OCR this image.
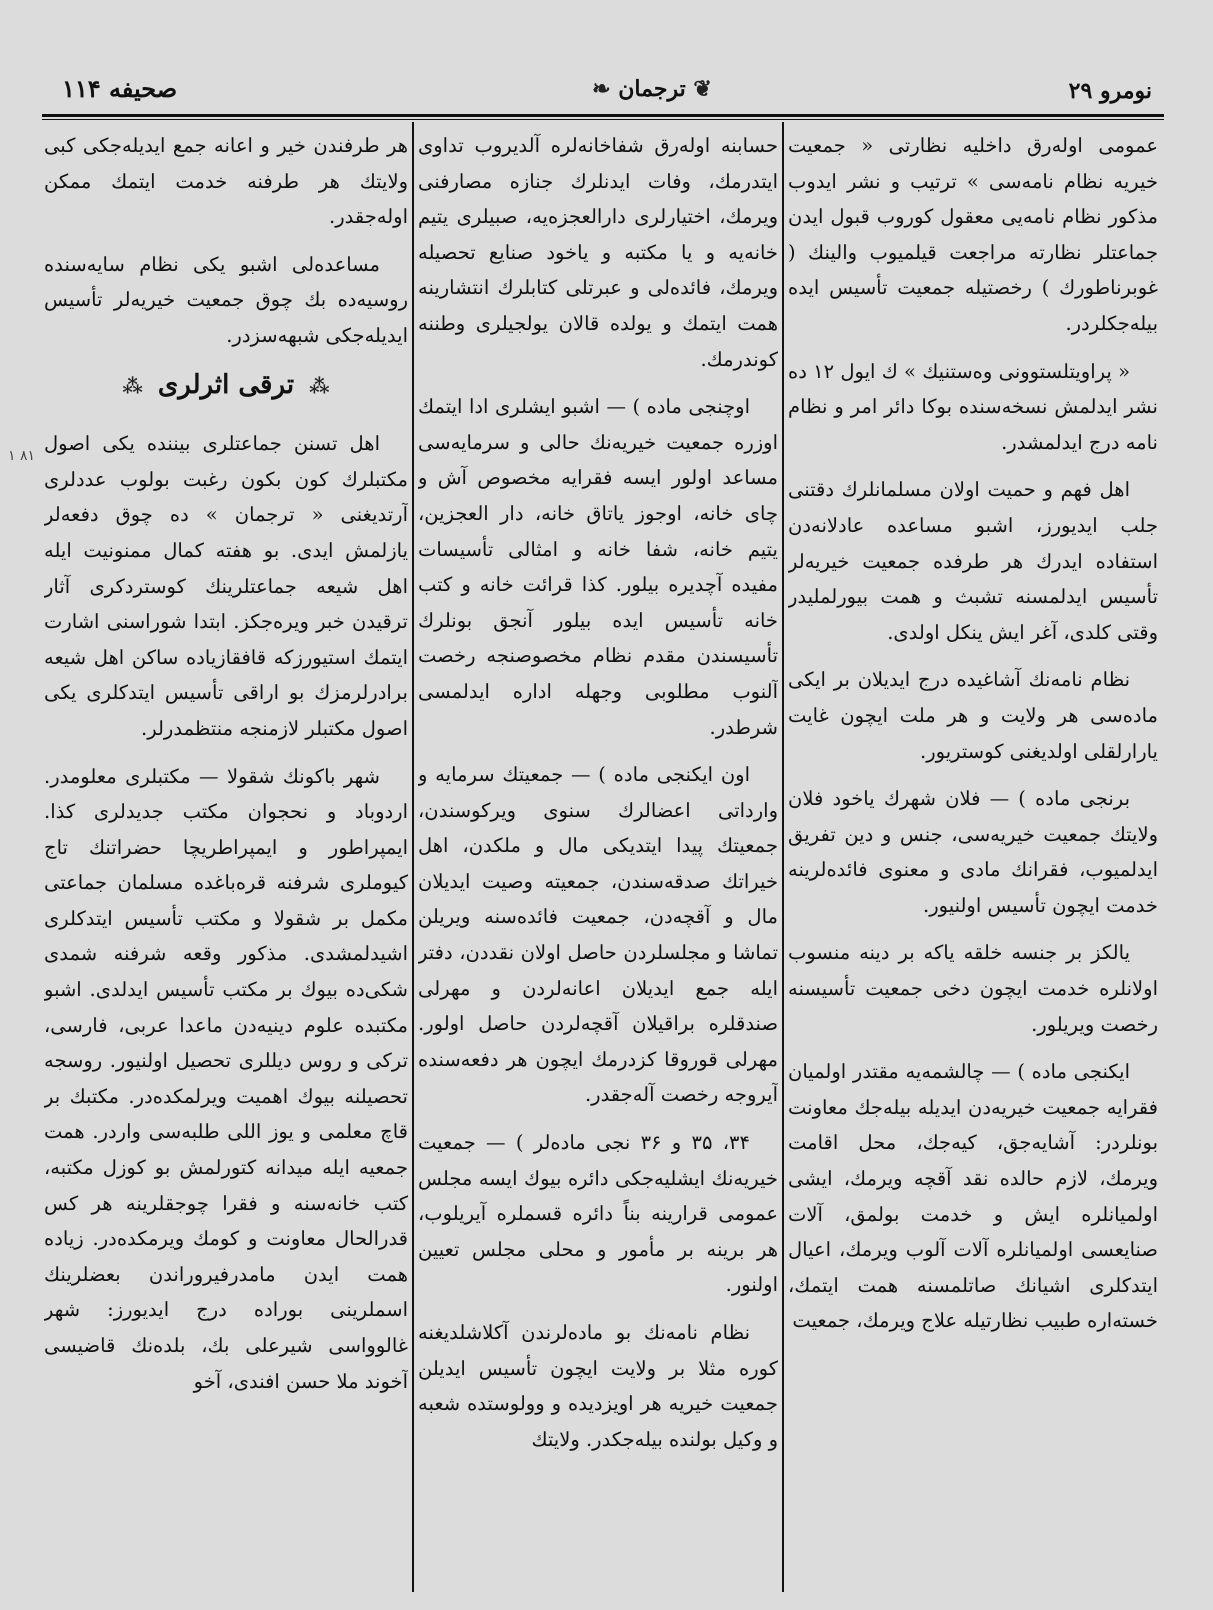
صحیفه ۱۱۴	❦ ترجمان ❧	نومرو ۲۹
۸۱ ۱

عمومی اوله‌رق داخلیه نظارتی « جمعیت خیریه نظام نامه‌سی » ترتیب و نشر ایدوب مذکور نظام نامه‌یی معقول کوروب قبول ایدن جماعتلر نظارته مراجعت قیلمیوب والینك ( غوبرناطورك ) رخصتیله جمعیت تأسیس ایده بیله‌جکلردر.

« پراویتلستوونی وه‌ستنیك » ك ایول ۱۲ ده نشر ایدلمش نسخه‌سنده بوکا دائر امر و نظام نامه درج ایدلمشدر.

اهل فهم و حمیت اولان مسلمانلرك دقتنی جلب ایدیورز، اشبو مساعده عادلانه‌دن استفاده ایدرك هر طرفده جمعیت خیریه‌لر تأسیس ایدلمسنه تشبث و همت بیورلملیدر وقتی کلدی، آغر ایش ینکل اولدی.

نظام نامه‌نك آشاغیده درج ایدیلان بر ایکی ماده‌سی هر ولایت و هر ملت ایچون غایت یارارلقلی اولدیغنی کوستریور.

برنجی ماده ) — فلان شهرك یاخود فلان ولایتك جمعیت خیریه‌سی، جنس و دین تفریق ایدلمیوب، فقرانك مادی و معنوی فائده‌لرینه خدمت ایچون تأسیس اولنیور.

یالکز بر جنسه خلقه یاکه بر دینه منسوب اولانلره خدمت ایچون دخی جمعیت تأسیسنه رخصت ویریلور.

ایکنجی ماده ) — چالشمه‌یه مقتدر اولمیان فقرایه جمعیت خیریه‌دن ایدیله بیله‌جك معاونت بونلردر: آشایه‌جق، کیه‌جك، محل اقامت ویرمك، لازم حالده نقد آقچه ویرمك، ایشی اولمیانلره ایش و خدمت بولمق، آلات صنایعسی اولمیانلره آلات آلوب ویرمك، اعیال ایتدکلری اشیانك صاتلمسنه همت ایتمك، خسته‌اره طبیب نظارتیله علاج ویرمك، جمعیت

حسابنه اوله‌رق شفاخانه‌لره آلدیروب تداوی ایتدرمك، وفات ایدنلرك جنازه مصارفنی ویرمك، اختیارلری دارالعجزه‌یه، صبیلری یتیم خانه‌یه و یا مکتبه و یاخود صنایع تحصیله ویرمك، فائده‌لی و عبرتلی کتابلرك انتشارینه همت ایتمك و یولده قالان یولجیلری وطننه کوندرمك.

اوچنجی ماده ) — اشبو ایشلری ادا ایتمك اوزره جمعیت خیریه‌نك حالی و سرمایه‌سی مساعد اولور ایسه فقرایه مخصوص آش و چای خانه، اوجوز یاتاق خانه، دار العجزین، یتیم خانه، شفا خانه و امثالی تأسیسات مفیده آچدیره بیلور. کذا قرائت خانه و کتب خانه تأسیس ایده بیلور آنجق بونلرك تأسیسندن مقدم نظام مخصوصنجه رخصت آلنوب مطلوبی وجهله اداره ایدلمسی شرطدر.

اون ایکنجی ماده ) — جمعیتك سرمایه و وارداتی اعضالرك سنوی ویرکوسندن، جمعیتك پیدا ایتدیکی مال و ملکدن، اهل خیراتك صدقه‌سندن، جمعیته وصیت ایدیلان مال و آقچه‌دن، جمعیت فائده‌سنه ویریلن تماشا و مجلسلردن حاصل اولان نقددن، دفتر ایله جمع ایدیلان اعانه‌لردن و مهرلی صندقلره براقیلان آقچه‌لردن حاصل اولور. مهرلی قوروقا کزدرمك ایچون هر دفعه‌سنده آیروجه رخصت آله‌جقدر.

۳۴، ۳۵ و ۳۶ نجی ماده‌لر ) — جمعیت خیریه‌نك ایشلیه‌جکی دائره بیوك ایسه مجلس عمومی قرارینه بناً دائره قسملره آیریلوب، هر برینه بر مأمور و محلی مجلس تعیین اولنور.

نظام نامه‌نك بو ماده‌لرندن آکلاشلدیغنه کوره مثلا بر ولایت ایچون تأسیس ایدیلن جمعیت خیریه هر اویزدیده و وولوستده شعبه و وکیل بولنده بیله‌جکدر. ولایتك

هر طرفندن خیر و اعانه جمع ایدیله‌جکی کبی ولایتك هر طرفنه خدمت ایتمك ممکن اوله‌جقدر.

مساعده‌لی اشبو یکی نظام سایه‌سنده روسیه‌ده بك چوق جمعیت خیریه‌لر تأسیس ایدیله‌جکی شبهه‌سزدر.

⁂ ترقی اثرلری ⁂

اهل تسنن جماعتلری بیننده یکی اصول مکتبلرك کون بکون رغبت بولوب عددلری آرتدیغنی « ترجمان » ده چوق دفعه‌لر یازلمش ایدی. بو هفته کمال ممنونیت ایله اهل شیعه جماعتلرینك کوستردکری آثار ترقیدن خبر ویره‌جکز. ابتدا شوراسنی اشارت ایتمك استیورزکه قافقازیاده ساکن اهل شیعه برادرلرمزك بو اراقی تأسیس ایتدکلری یکی اصول مکتبلر لازمنجه منتظمدرلر.

شهر باکونك شقولا — مکتبلری معلومدر. اردوباد و نحجوان مکتب جدیدلری کذا. ایمپراطور و ایمپراطریچا حضراتنك تاج کیوملری شرفنه قره‌باغده مسلمان جماعتی مکمل بر شقولا و مکتب تأسیس ایتدکلری اشیدلمشدی. مذکور وقعه شرفنه شمدی شکی‌ده بیوك بر مکتب تأسیس ایدلدی. اشبو مکتبده علوم دینیه‌دن ماعدا عربی، فارسی، ترکی و روس دیللری تحصیل اولنیور. روسجه تحصیلنه بیوك اهمیت ویرلمکده‌در. مکتبك بر قاچ معلمی و یوز اللی طلبه‌سی واردر. همت جمعیه ایله میدانه کتورلمش بو کوزل مکتبه، کتب خانه‌سنه و فقرا چوجقلرینه هر کس قدرالحال معاونت و کومك ویرمکده‌در. زیاده همت ایدن مامدرفیروراندن بعضلرینك اسملرینی بوراده درج ایدیورز: شهر غالوواسی شیرعلی بك، بلده‌نك قاضیسی آخوند ملا حسن افندی، آخو
